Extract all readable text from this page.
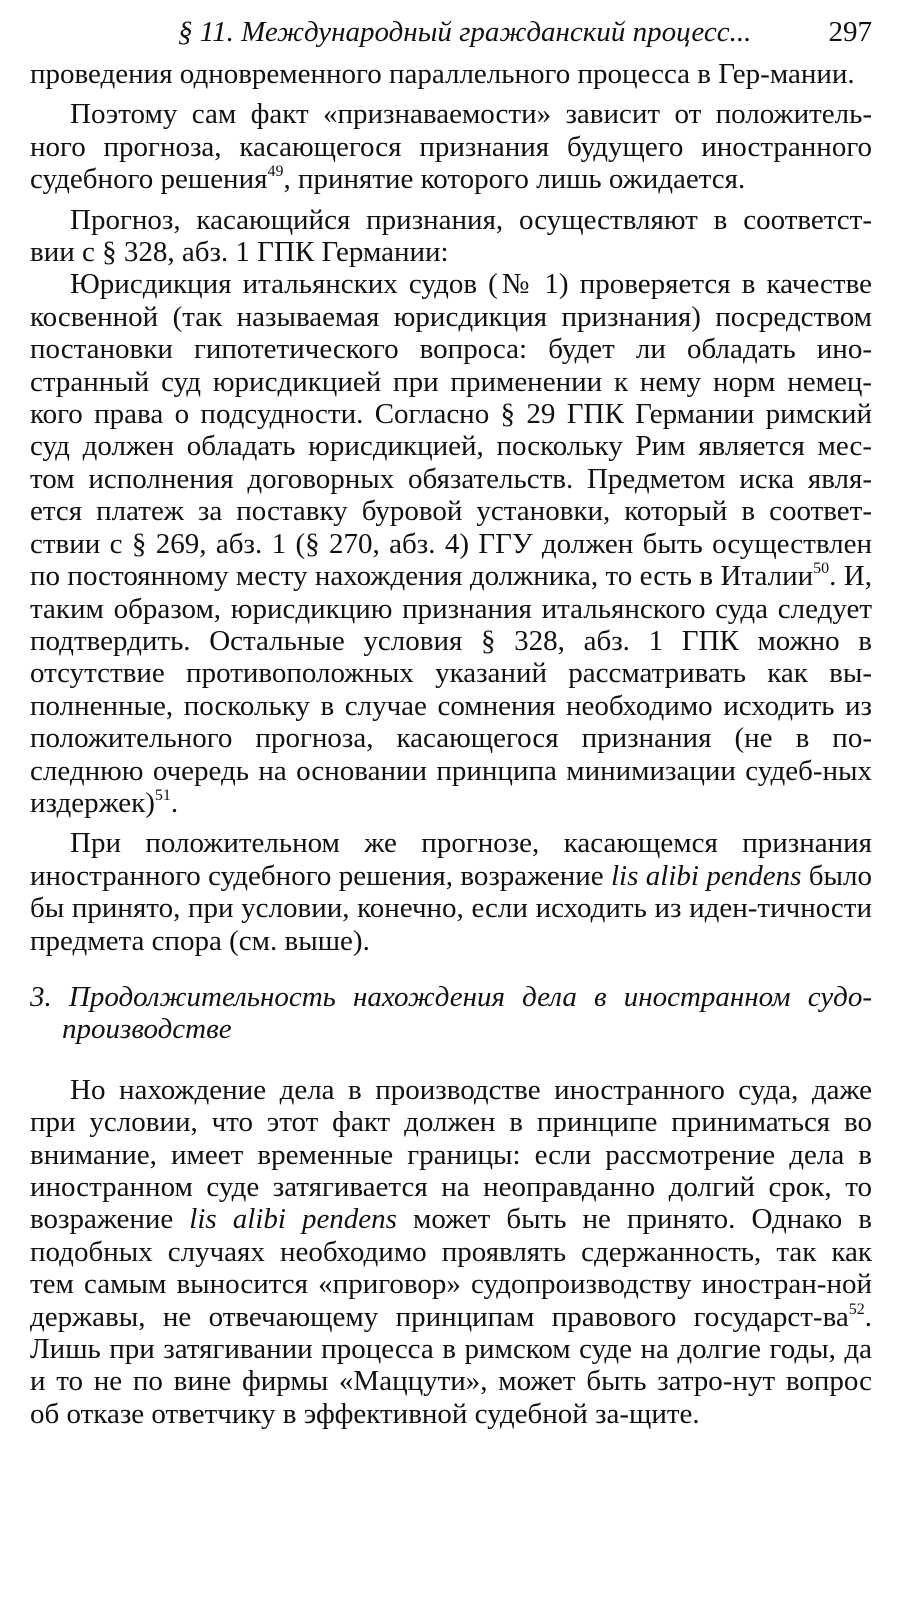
§ 11. Международный гражданский процесс...	297

проведения одновременного параллельного процесса в Гер-мании.

Поэтому сам факт «признаваемости» зависит от положитель-ного прогноза, касающегося признания будущего иностранного судебного решения$^{49}$, принятие которого лишь ожидается.

Прогноз, касающийся признания, осуществляют в соответст-вии с § 328, абз. 1 ГПК Германии:

Юрисдикция итальянских судов (№ 1) проверяется в качестве косвенной (так называемая юрисдикция признания) посредством постановки гипотетического вопроса: будет ли обладать ино-странный суд юрисдикцией при применении к нему норм немец-кого права о подсудности. Согласно § 29 ГПК Германии римский суд должен обладать юрисдикцией, поскольку Рим является мес-том исполнения договорных обязательств. Предметом иска явля-ется платеж за поставку буровой установки, который в соответ-ствии с § 269, абз. 1 (§ 270, абз. 4) ГГУ должен быть осуществлен по постоянному месту нахождения должника, то есть в Италии$^{50}$. И, таким образом, юрисдикцию признания итальянского суда следует подтвердить. Остальные условия § 328, абз. 1 ГПК можно в отсутствие противоположных указаний рассматривать как вы-полненные, поскольку в случае сомнения необходимо исходить из положительного прогноза, касающегося признания (не в по-следнюю очередь на основании принципа минимизации судеб-ных издержек)$^{51}$.

При положительном же прогнозе, касающемся признания иностранного судебного решения, возражение lis alibi pendens было бы принято, при условии, конечно, если исходить из иден-тичности предмета спора (см. выше).

3. Продолжительность нахождения дела в иностранном судо-производстве

Но нахождение дела в производстве иностранного суда, даже при условии, что этот факт должен в принципе приниматься во внимание, имеет временные границы: если рассмотрение дела в иностранном суде затягивается на неоправданно долгий срок, то возражение lis alibi pendens может быть не принято. Однако в подобных случаях необходимо проявлять сдержанность, так как тем самым выносится «приговор» судопроизводству иностран-ной державы, не отвечающему принципам правового государст-$ва^{52}$. Лишь при затягивании процесса в римском суде на долгие годы, да и то не по вине фирмы «Маццути», может быть затро-нут вопрос об отказе ответчику в эффективной судебной за-щите.
